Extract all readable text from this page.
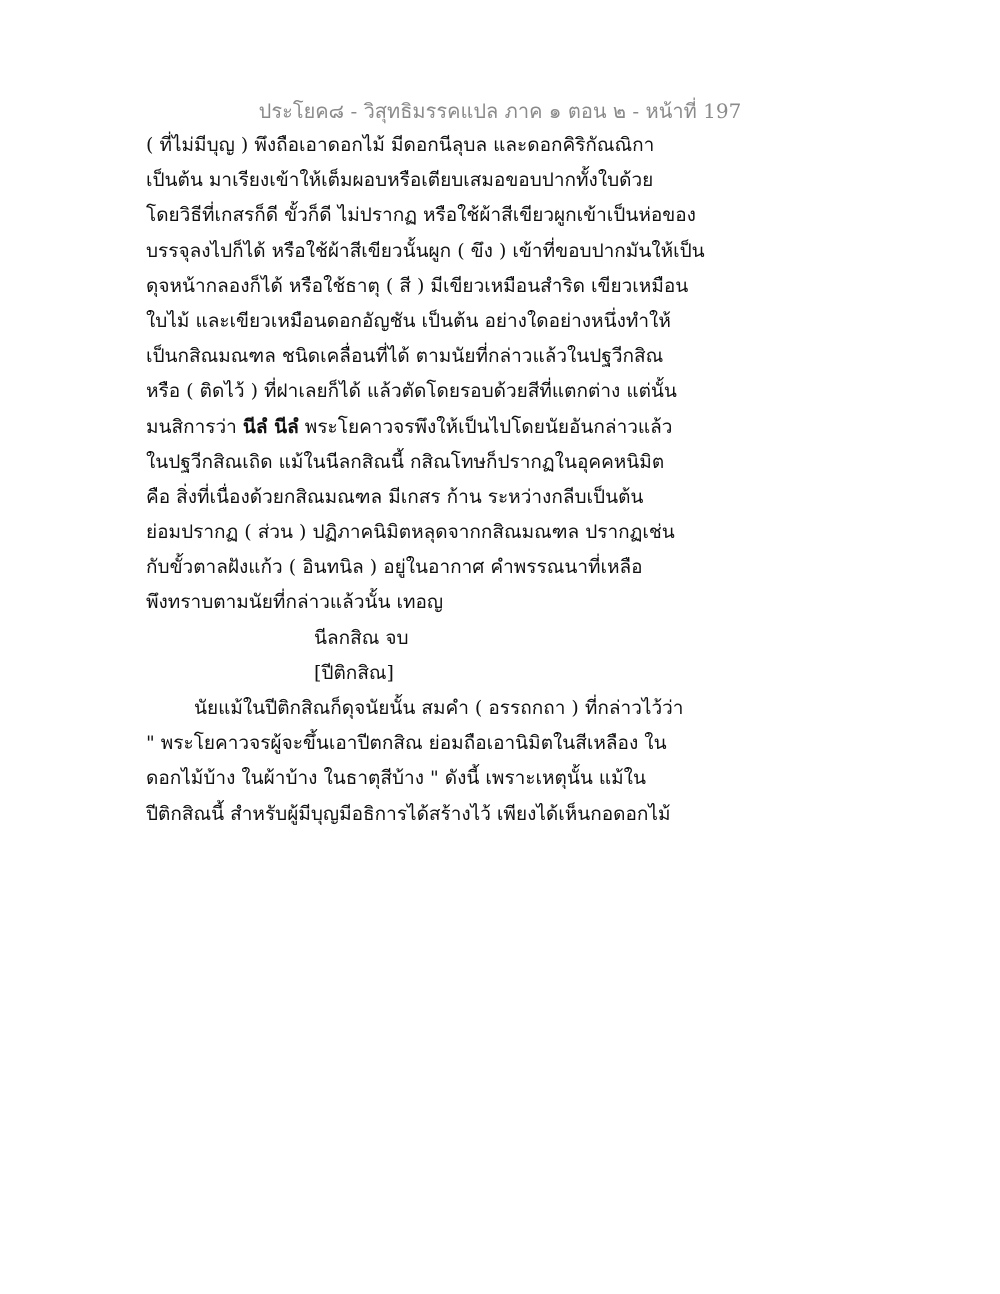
ประโยค๘ - วิสุทธิมรรคแปล ภาค ๑ ตอน ๒ - หน้าที่ 197
( ที่ไม่มีบุญ ) พึงถือเอาดอกไม้ มีดอกนีลุบล และดอกคิริกัณณิกา
เป็นต้น มาเรียงเข้าให้เต็มผอบหรือเตียบเสมอขอบปากทั้งใบด้วย
โดยวิธีที่เกสรก็ดี ขั้วก็ดี ไม่ปรากฏ หรือใช้ผ้าสีเขียวผูกเข้าเป็นห่อของ
บรรจุลงไปก็ได้ หรือใช้ผ้าสีเขียวนั้นผูก ( ขึง ) เข้าที่ขอบปากมันให้เป็น
ดุจหน้ากลองก็ได้ หรือใช้ธาตุ ( สี ) มีเขียวเหมือนสำริด เขียวเหมือน
ใบไม้ และเขียวเหมือนดอกอัญชัน เป็นต้น อย่างใดอย่างหนึ่งทำให้
เป็นกสิณมณฑล ชนิดเคลื่อนที่ได้ ตามนัยที่กล่าวแล้วในปฐวีกสิณ
หรือ ( ติดไว้ ) ที่ฝาเลยก็ได้ แล้วตัดโดยรอบด้วยสีที่แตกต่าง แต่นั้น
มนสิการว่า นีลํ นีลํ พระโยคาวจรพึงให้เป็นไปโดยนัยอันกล่าวแล้ว
ในปฐวีกสิณเถิด แม้ในนีลกสิณนี้ กสิณโทษก็ปรากฏในอุคคหนิมิต
คือ สิ่งที่เนื่องด้วยกสิณมณฑล มีเกสร ก้าน ระหว่างกลีบเป็นต้น
ย่อมปรากฏ ( ส่วน ) ปฏิภาคนิมิตหลุดจากกสิณมณฑล ปรากฏเช่น
กับขั้วตาลฝังแก้ว ( อินทนิล ) อยู่ในอากาศ คำพรรณนาที่เหลือ
พึงทราบตามนัยที่กล่าวแล้วนั้น เทอญ
นีลกสิณ จบ
[ปีติกสิณ]
นัยแม้ในปีติกสิณก็ดุจนัยนั้น สมคำ ( อรรถกถา ) ที่กล่าวไว้ว่า
" พระโยคาวจรผู้จะขึ้นเอาปีตกสิณ ย่อมถือเอานิมิตในสีเหลือง ใน
ดอกไม้บ้าง ในผ้าบ้าง ในธาตุสีบ้าง " ดังนี้ เพราะเหตุนั้น แม้ใน
ปีติกสิณนี้ สำหรับผู้มีบุญมีอธิการได้สร้างไว้ เพียงได้เห็นกอดอกไม้
